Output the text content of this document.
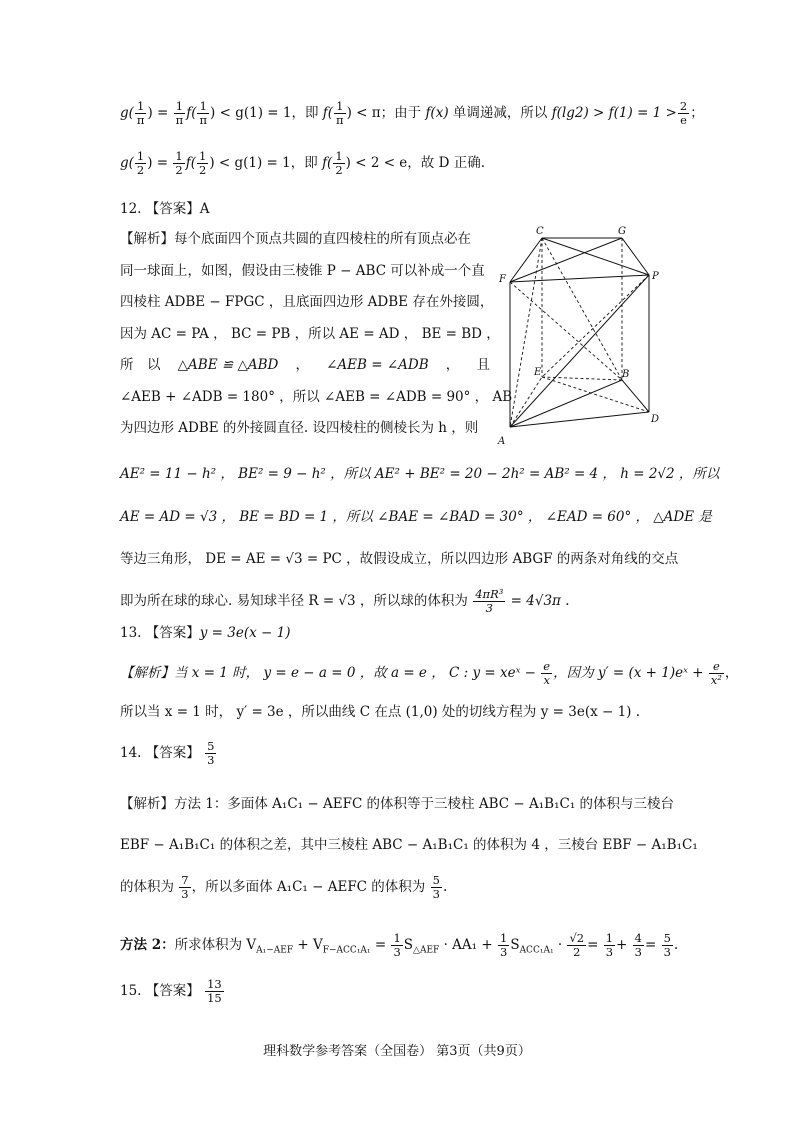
$g( \frac{1}{\pi}$ ) = $\frac{1}{\pi} f( \frac{1}{\pi}$ ) < g(1) = 1，即 $f( \frac{1}{\pi}$ ) < π；由于 f(x) 单调递减，所以 $f(\lg 2) > f(1) = 1 > \frac{2}{e}$ ；
$g( \frac{1}{2}$ ) = $\frac{1}{2} f( \frac{1}{2}$ ) < g(1) = 1，即 $f( \frac{1}{2}$ ) < 2 < e，故 D 正确.
12. 【答案】A
【解析】每个底面四个顶点共圆的直四棱柱的所有顶点必在
同一球面上，如图，假设由三棱锥 P − ABC 可以补成一个直
四棱柱 ADBE − FPGC ，且底面四边形 ADBE 存在外接圆，
因为 AC = PA ， BC = PB ，所以 AE = AD ， BE = BD ，
所　以 △ABE ≌ △ABD ， ∠AEB = ∠ADB ， 且
∠AEB + ∠ADB = 180° ，所以 ∠AEB = ∠ADB = 90° ， AB
为四边形 ADBE 的外接圆直径. 设四棱柱的侧棱长为 h ，则
C	G
F	P
E	B
A
D
AE² = 11 − h² ， BE² = 9 − h² ，所以 AE² + BE² = 20 − 2h² = AB² = 4 ， h = 2√2 ，所以
AE = AD = √3 ， BE = BD = 1 ，所以 ∠BAE = ∠BAD = 30° ， ∠EAD = 60° ， △ADE 是
等边三角形， DE = AE = √3 = PC ，故假设成立，所以四边形 ABGF 的两条对角线的交点
即为所在球的球心. 易知球半径 R = √3 ，所以球的体积为 $\frac{\text{4πR³}}{3} = 4√3\pi$ .
13. 【答案】y = 3e(x − 1)
【解析】当 x = 1 时， y = e − a = 0 ，故 a = e ， C : y = xeˣ − $\frac{e}{x}$ ，因为 y′ = (x + 1)eˣ + $\frac{e}{\text{x²}}$ ，
所以当 x = 1 时， y′ = 3e ，所以曲线 C 在点 (1,0) 处的切线方程为 y = 3e(x − 1) .
14. 【答案】 $\frac{5}{3}$
【解析】方法 1：多面体 A₁C₁ − AEFC 的体积等于三棱柱 ABC − A₁B₁C₁ 的体积与三棱台
EBF − A₁B₁C₁ 的体积之差，其中三棱柱 ABC − A₁B₁C₁ 的体积为 4 ，三棱台 EBF − A₁B₁C₁
的体积为 $\frac{7}{3}$ ，所以多面体 A₁C₁ − AEFC 的体积为 $\frac{5}{3}$ .
方法 2：所求体积为 $V_{A_1-AEF} + V_{F-ACC_1A_1} = \frac{1}{3} S_{\triangle AEF} \cdot AA_1 + \frac{1}{3} S_{ACC_1A_1} \cdot \frac{√2}{2} = \frac{1}{3} + \frac{4}{3} = \frac{5}{3}$ .
15. 【答案】 $\frac{13}{15}$
理科数学参考答案（全国卷） 第3页（共9页）
